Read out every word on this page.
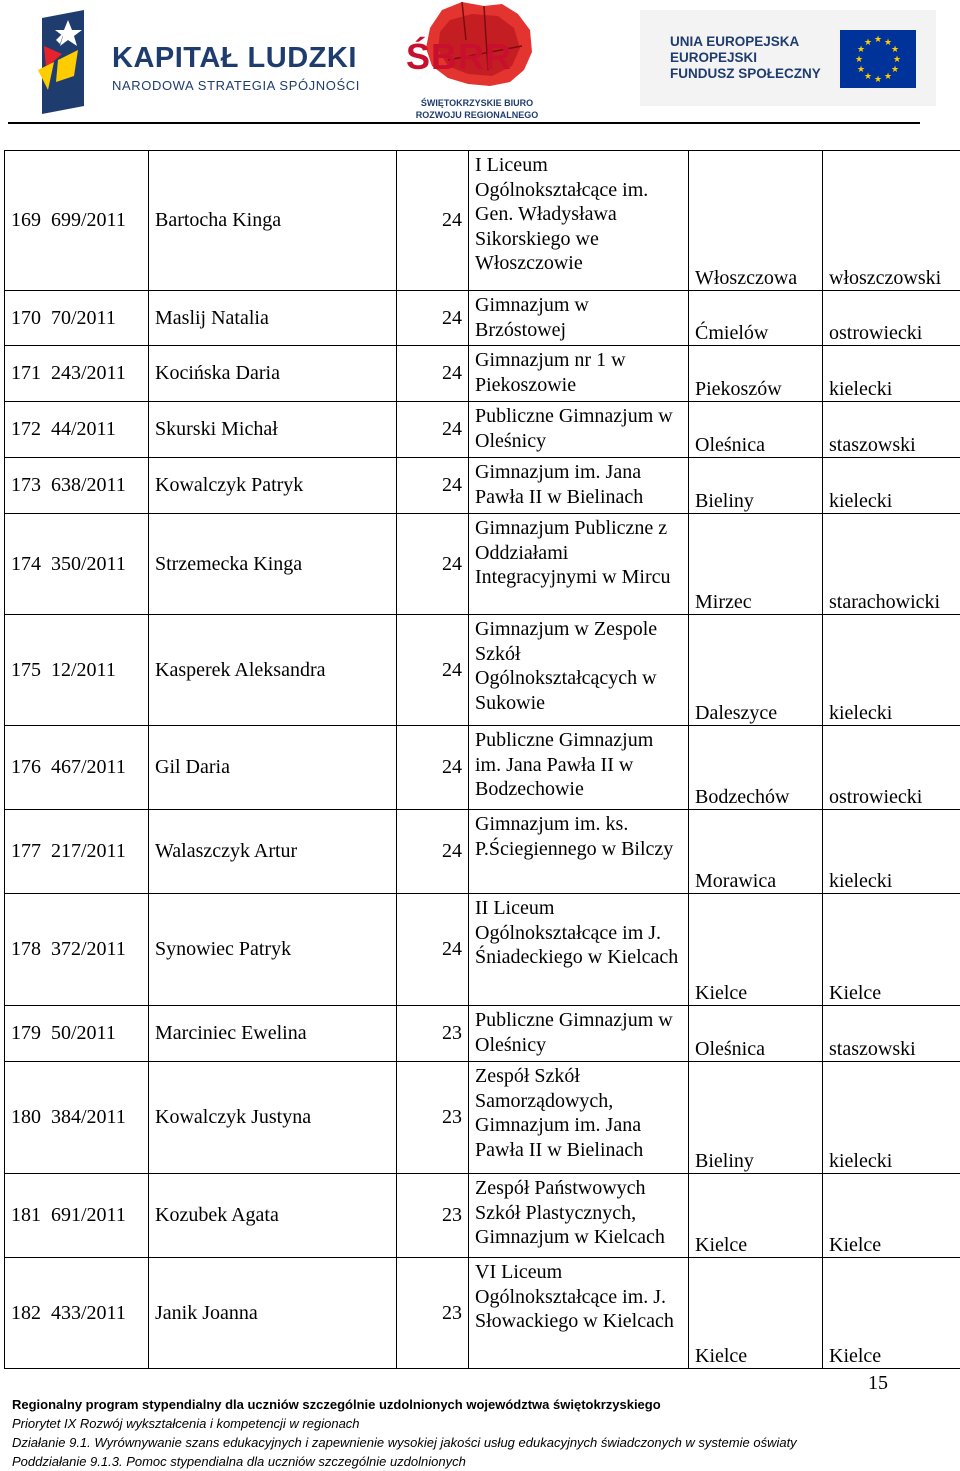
KAPITAŁ LUDZKI
NARODOWA STRATEGIA SPÓJNOŚCI
ŚBRR
ŚWIĘTOKRZYSKIE BIURO
ROZWOJU REGIONALNEGO
UNIA EUROPEJSKA
EUROPEJSKI
FUNDUSZ SPOŁECZNY
★ ★
★
★
★
★
★
★
★
★
★
★
169 699/2011	Bartocha Kinga	24	I Liceum Ogólnokształcące im. Gen. Władysława Sikorskiego we Włoszczowie	Włoszczowa	włoszczowski
170 70/2011	Maslij Natalia	24	Gimnazjum w Brzóstowej	Ćmielów	ostrowiecki
171 243/2011	Kocińska Daria	24	Gimnazjum nr 1 w Piekoszowie	Piekoszów	kielecki
172 44/2011	Skurski Michał	24	Publiczne Gimnazjum w Oleśnicy	Oleśnica	staszowski
173 638/2011	Kowalczyk Patryk	24	Gimnazjum im. Jana Pawła II w Bielinach	Bieliny	kielecki
174 350/2011	Strzemecka Kinga	24	Gimnazjum Publiczne z Oddziałami Integracyjnymi w Mircu	Mirzec	starachowicki
175 12/2011	Kasperek Aleksandra	24	Gimnazjum w Zespole Szkół Ogólnokształcących w Sukowie	Daleszyce	kielecki
176 467/2011	Gil Daria	24	Publiczne Gimnazjum im. Jana Pawła II w Bodzechowie	Bodzechów	ostrowiecki
177 217/2011	Walaszczyk Artur	24	Gimnazjum im. ks. P.Ściegiennego w Bilczy	Morawica	kielecki
178 372/2011	Synowiec Patryk	24	II Liceum Ogólnokształcące im J. Śniadeckiego w Kielcach	Kielce	Kielce
179 50/2011	Marciniec Ewelina	23	Publiczne Gimnazjum w Oleśnicy	Oleśnica	staszowski
180 384/2011	Kowalczyk Justyna	23	Zespół Szkół Samorządowych, Gimnazjum im. Jana Pawła II w Bielinach	Bieliny	kielecki
181 691/2011	Kozubek Agata	23	Zespół Państwowych Szkół Plastycznych, Gimnazjum w Kielcach	Kielce	Kielce
182 433/2011	Janik Joanna	23	VI Liceum Ogólnokształcące im. J. Słowackiego w Kielcach	Kielce	Kielce
15
Regionalny program stypendialny dla uczniów szczególnie uzdolnionych województwa świętokrzyskiego
Priorytet IX Rozwój wykształcenia i kompetencji w regionach
Działanie 9.1. Wyrównywanie szans edukacyjnych i zapewnienie wysokiej jakości usług edukacyjnych świadczonych w systemie oświaty
Poddziałanie 9.1.3. Pomoc stypendialna dla uczniów szczególnie uzdolnionych
